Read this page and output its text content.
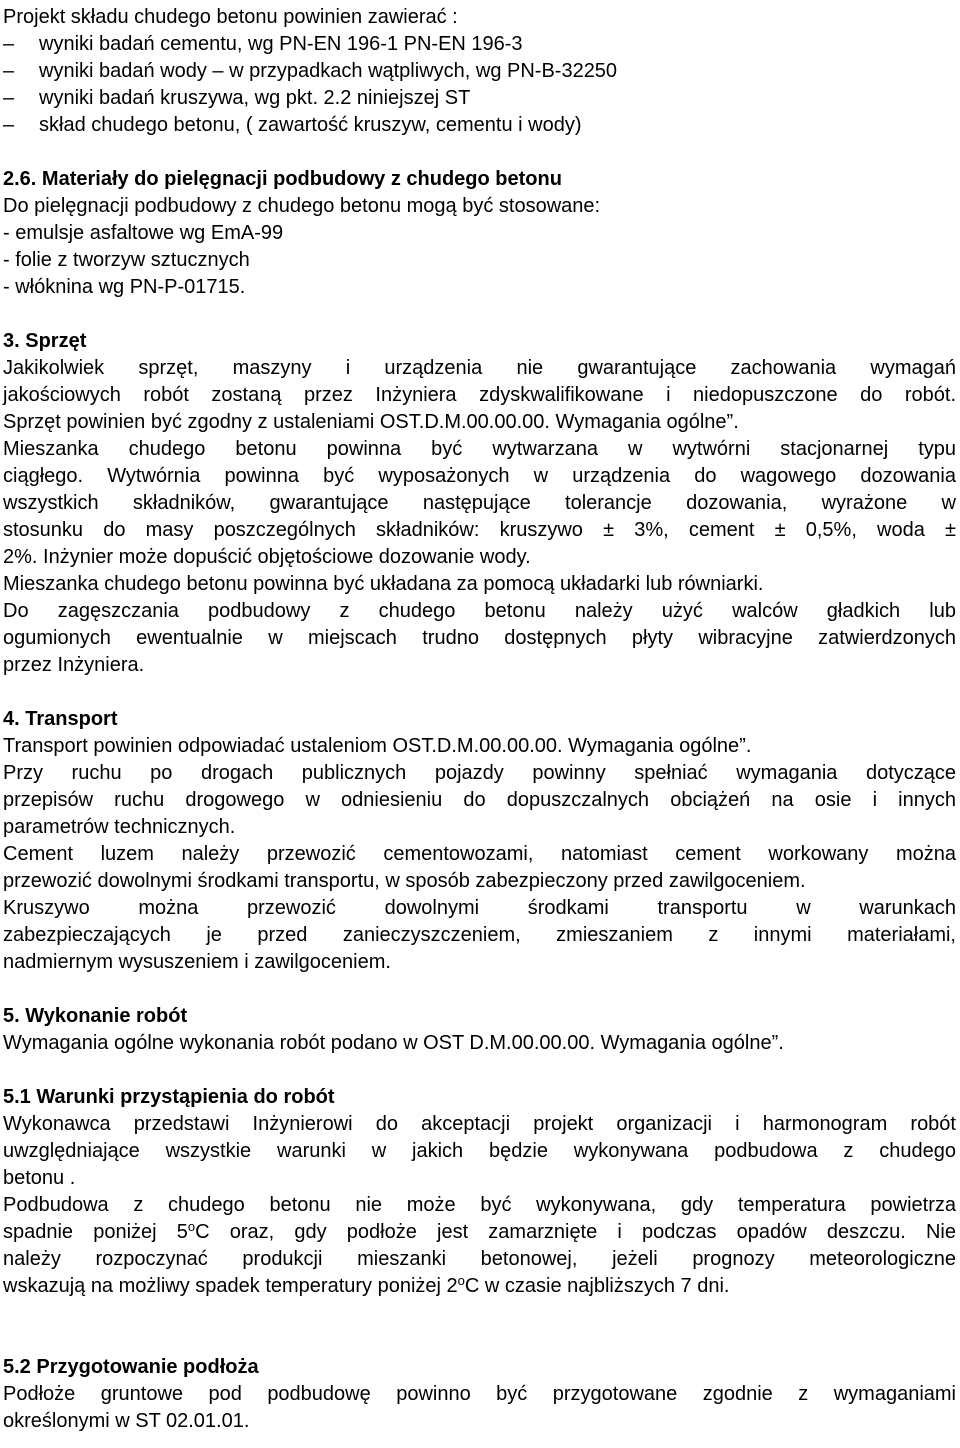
Projekt składu chudego betonu powinien zawierać :
– wyniki badań cementu, wg PN-EN 196-1 PN-EN 196-3
– wyniki badań wody – w przypadkach wątpliwych, wg PN-B-32250
– wyniki badań kruszywa, wg pkt. 2.2 niniejszej ST
– skład chudego betonu, ( zawartość kruszyw, cementu i wody)
2.6. Materiały do pielęgnacji podbudowy z chudego betonu
Do pielęgnacji podbudowy z chudego betonu mogą być stosowane:
- emulsje asfaltowe wg EmA-99
- folie z tworzyw sztucznych
- włóknina wg PN-P-01715.
3. Sprzęt
Jakikolwiek sprzęt, maszyny i urządzenia nie gwarantujące zachowania wymagań
jakościowych robót zostaną przez Inżyniera zdyskwalifikowane i niedopuszczone do robót.
Sprzęt powinien być zgodny z ustaleniami OST.D.M.00.00.00. Wymagania ogólne”.
Mieszanka chudego betonu powinna być wytwarzana w wytwórni stacjonarnej typu
ciągłego. Wytwórnia powinna być wyposażonych w urządzenia do wagowego dozowania
wszystkich składników, gwarantujące następujące tolerancje dozowania, wyrażone w
stosunku do masy poszczególnych składników: kruszywo ± 3%, cement ± 0,5%, woda ±
2%. Inżynier może dopuścić objętościowe dozowanie wody.
Mieszanka chudego betonu powinna być układana za pomocą układarki lub równiarki.
Do zagęszczania podbudowy z chudego betonu należy użyć walców gładkich lub
ogumionych ewentualnie w miejscach trudno dostępnych płyty wibracyjne zatwierdzonych
przez Inżyniera.
4. Transport
Transport powinien odpowiadać ustaleniom OST.D.M.00.00.00. Wymagania ogólne”.
Przy ruchu po drogach publicznych pojazdy powinny spełniać wymagania dotyczące
przepisów ruchu drogowego w odniesieniu do dopuszczalnych obciążeń na osie i innych
parametrów technicznych.
Cement luzem należy przewozić cementowozami, natomiast cement workowany można
przewozić dowolnymi środkami transportu, w sposób zabezpieczony przed zawilgoceniem.
Kruszywo można przewozić dowolnymi środkami transportu w warunkach
zabezpieczających je przed zanieczyszczeniem, zmieszaniem z innymi materiałami,
nadmiernym wysuszeniem i zawilgoceniem.
5. Wykonanie robót
Wymagania ogólne wykonania robót podano w OST D.M.00.00.00. Wymagania ogólne”.
5.1 Warunki przystąpienia do robót
Wykonawca przedstawi Inżynierowi do akceptacji projekt organizacji i harmonogram robót
uwzględniające wszystkie warunki w jakich będzie wykonywana podbudowa z chudego
betonu .
Podbudowa z chudego betonu nie może być wykonywana, gdy temperatura powietrza
spadnie poniżej 5$^o$C oraz, gdy podłoże jest zamarznięte i podczas opadów deszczu. Nie
należy rozpoczynać produkcji mieszanki betonowej, jeżeli prognozy meteorologiczne
wskazują na możliwy spadek temperatury poniżej 2$^o$C w czasie najbliższych 7 dni.
5.2 Przygotowanie podłoża
Podłoże gruntowe pod podbudowę powinno być przygotowane zgodnie z wymaganiami
określonymi w ST 02.01.01.
